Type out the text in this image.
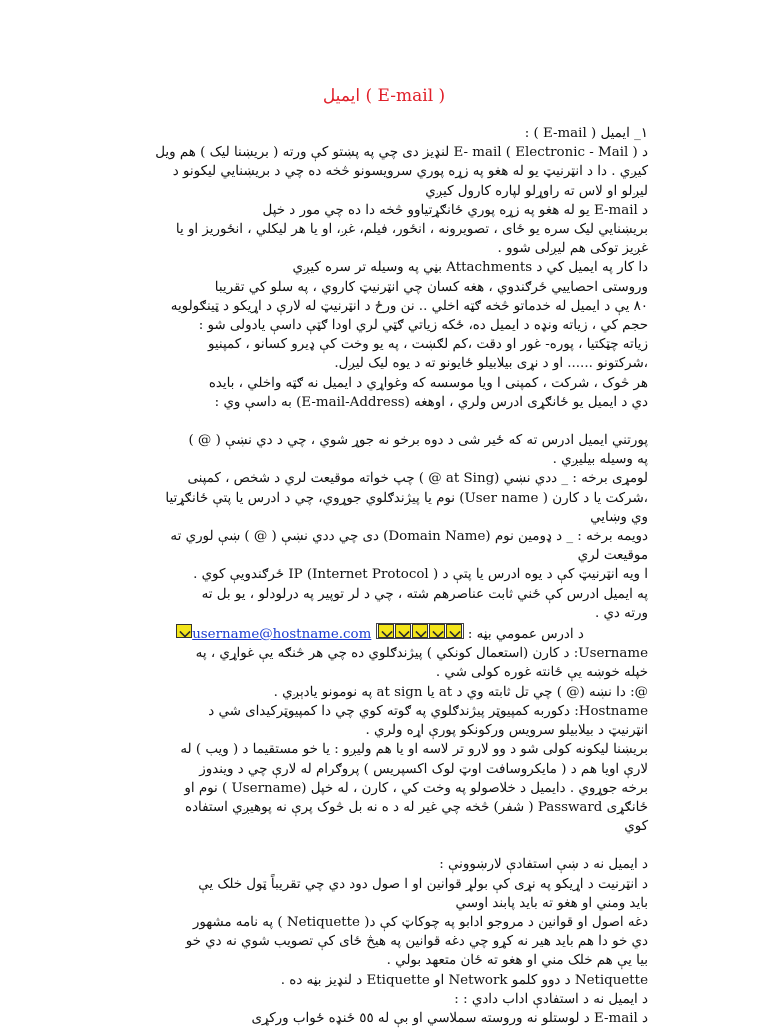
ايميل ( E-mail )

١_ ايميل ( E-mail ) :

د E- mail ( Electronic - Mail ) لنډيز دى چي په پښتو كې ورته ( بريښنا ليک ) هم ويل

كيږي . دا د انټرنيټ يو له هغو په زړه پوري سرويسونو څخه ده چي د بريښنايي ليكونو د

ليږلو او لاس ته راوړلو لپاره كارول كيږي

د E-mail يو له هغو په زړه پوري ځانګړتياوو څخه دا ده چي مور د خپل

بريښنايي ليک سره يو ځای ، تصويرونه ، انځور، فيلم، غږ، او يا هر ليكلي ، انځوريز او يا

غږيز توكى هم ليږلی شوو .

دا كار په ايميل كي د Attachments بڼي په وسيله تر سره كيږي

وروستی احصاييي ځرګندوي ، هغه كسان چي انټرنيټ كاروي ، په سلو كي تقريبا

٨٠ يې د ايميل له خدماتو څخه ګټه اخلي .. نن ورځ د انټرنيټ له لارې د اړيكو د ټينګولويه

حجم كي ، زياته ونډه د ايميل ده، ځكه زياتي ګټي لري اودا ګټې داسې يادولی شو :

زياته چټكتيا ، پوره- غور او دقت ،كم لګښت ، په يو وخت كې ډيرو كسانو ، كمپنيو

،شركتونو ...... او د نړی بيلابيلو ځايونو ته د يوه ليک ليږل.

هر څوک ، شركت ، كمپنی ا ويا موسسه كه وغواړي د ايميل نه ګټه واخلي ، بايده

دي د ايميل يو ځانګړی ادرس ولري ، اوهغه (E-mail-Address) به داسې وي :

پورتني ايميل ادرس ته كه ځير شی د دوه برخو نه جوړ شوي ، چي د دي نښې ( @ )

په وسيله بيليږي .

لومړی برخه : _ ددي نښي (at Sing @ ) چپ خواته موقيعت لري د شخص ، كمپنی

،شركت يا د كارن ( User name) نوم يا پيژندګلوي جوړوي، چي د ادرس يا پتې ځانګړتيا

وي وښايي

دويمه برخه : _ د ډومين نوم (Domain Name) دی چي ددي نښې ( @ ) ښې لوري ته

موقيعت لري

ا ويه انټرنيټ كې د يوه ادرس يا پتې د ( Internet Protocol) IP ځرګندويې كوي .

په ايميل ادرس كې ځني ثابت عناصرهم شته ، چي د لر توپير په درلودلو ، يو بل ته

ورته دي .

د ادرس عمومي بڼه : username@hostname.com

Username: د كارن (استعمال كونكي ) پيژندګلوي ده چي هر څنګه يې غواړي ، په

خپله خوښه يې ځانته غوره كولی شي .

@: دا نښه (@ ) چي تل ثابته وي د at يا at sign په نومونو يادېږي .

Hostname: دكوربه كمپيوټر پيژندګلوي په ګوته كوي چي دا كمپيوټركيداى شي د

انټرنيټ د بيلابيلو سرويس وركونكو پورې اړه ولري .

بريښنا ليكونه كولی شو د وو لارو تر لاسه او يا هم وليږو : يا خو مستقيما د ( ويب ) له

لارې اويا هم د ( مايكروسافت اوټ لوک اكسپريس ) پروګرام له لارې چي د ويندوز

برخه جوړوي . دايميل د خلاصولو په وخت كي ، كارن ، له خپل (Username ) نوم او

ځانګړی Passward ( شفر) څخه چي غير له د ه نه بل څوک پرې نه پوهيږي استفاده

كوي

د ايميل نه د ښې استفادې لارښوونې :

د انټرنيت د اړيكو په نړی كې بولړ قوانين او ا صول دود دي چي تقريباً ټول خلک يې

بايد ومني او هغو ته بايد پابند اوسي

دغه اصول او قوانين د مروجو ادابو په چوكاټ كې د( Netiquette ) په نامه مشهور

دي خو دا هم بايد هير نه كړو چي دغه قوانين په هيڅ ځای كې تصويب شوي نه دي خو

بيا يې هم خلک مني او هغو ته ځان متعهد بولي .

Netiquette د دوو كلمو Network او Etiquette د لنډيز بڼه ده .

د ايميل نه د استفادې اداب دادي : :

د E-mail د لوستلو نه وروسته سملاسي او بې له ٥٥ ځنډه ځواب وركړی
